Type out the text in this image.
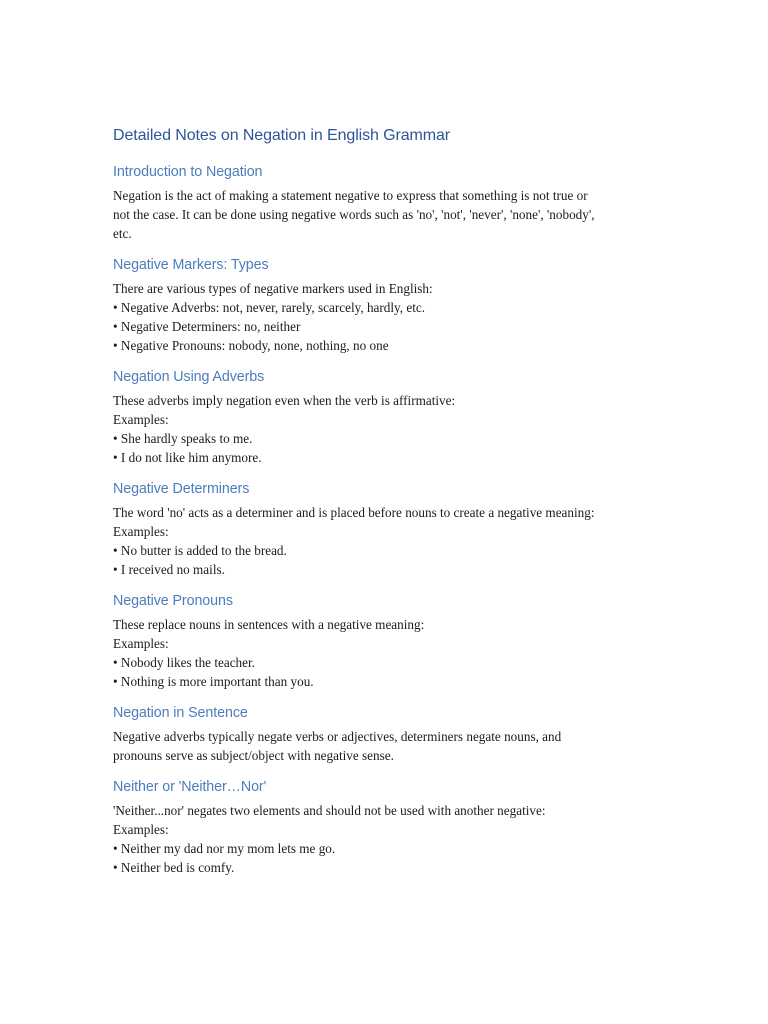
Detailed Notes on Negation in English Grammar
Introduction to Negation

Negation is the act of making a statement negative to express that something is not true or

not the case. It can be done using negative words such as 'no', 'not', 'never', 'none', 'nobody',

etc.

Negative Markers: Types

There are various types of negative markers used in English:

• Negative Adverbs: not, never, rarely, scarcely, hardly, etc.

• Negative Determiners: no, neither

• Negative Pronouns: nobody, none, nothing, no one

Negation Using Adverbs

These adverbs imply negation even when the verb is affirmative:

Examples:

• She hardly speaks to me.

• I do not like him anymore.

Negative Determiners

The word 'no' acts as a determiner and is placed before nouns to create a negative meaning:

Examples:

• No butter is added to the bread.

• I received no mails.

Negative Pronouns

These replace nouns in sentences with a negative meaning:

Examples:

• Nobody likes the teacher.

• Nothing is more important than you.

Negation in Sentence

Negative adverbs typically negate verbs or adjectives, determiners negate nouns, and

pronouns serve as subject/object with negative sense.

Neither or 'Neither…Nor'

'Neither...nor' negates two elements and should not be used with another negative:

Examples:

• Neither my dad nor my mom lets me go.

• Neither bed is comfy.
